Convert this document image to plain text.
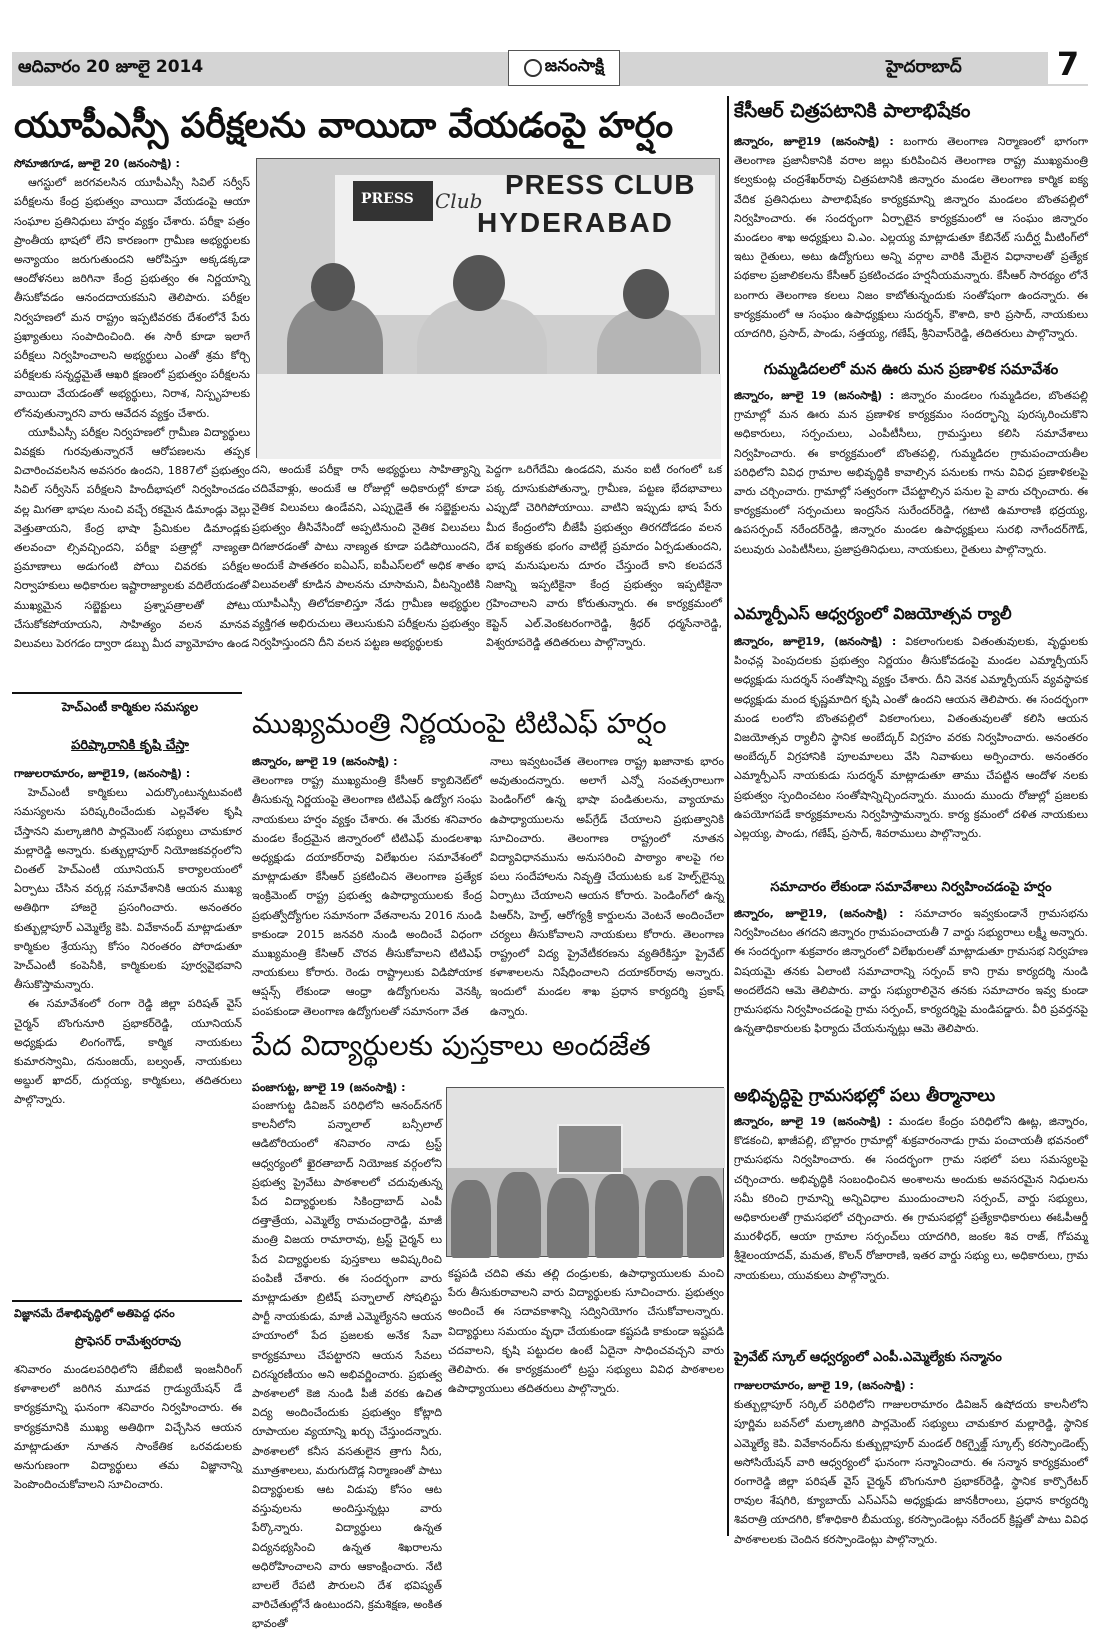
ఆదివారం 20 జూలై 2014	జనంసాక్షి	హైదరాబాద్	7
యూపీఎస్సీ పరీక్షలను వాయిదా వేయడంపై హర్షం
సోమాజిగూడ, జూలై 20 (జనంసాక్షి) :

ఆగస్టులో జరగవలసిన యూపీఎస్సీ సివిల్ సర్వీస్ పరీక్షలను కేంద్ర ప్రభుత్వం వాయిదా వేయడంపై ఆయా సంఘాల ప్రతినిధులు హర్షం వ్యక్తం చేశారు. పరీక్షా పత్రం ప్రాంతీయ భాషలో లేని కారణంగా గ్రామీణ అభ్యర్థులకు అన్యాయం జరుగుతుందని ఆరోపిస్తూ అక్కడక్కడా ఆందోళనలు జరిగినా కేంద్ర ప్రభుత్వం ఈ నిర్ణయాన్ని తీసుకోవడం ఆనందదాయకమని తెలిపారు. పరీక్షల నిర్వహణలో మన రాష్ట్రం ఇప్పటివరకు దేశంలోనే పేరు ప్రఖ్యాతులు సంపాదించింది. ఈ సారీ కూడా ఇలాగే పరీక్షలు నిర్వహించాలని అభ్యర్థులు ఎంతో శ్రమ కోర్చి పరీక్షలకు సన్నద్ధమైతే ఆఖరి క్షణంలో ప్రభుత్వం పరీక్షలను వాయిదా వేయడంతో అభ్యర్థులు, నిరాశ, నిస్పృహలకు లోనవుతున్నారని వారు ఆవేదన వ్యక్తం చేశారు.

యూపీఎస్సీ పరీక్షల నిర్వహణలో గ్రామీణ విద్యార్థులు వివక్షకు గురవుతున్నారనే ఆరోపణలను తప్పక విచారించవలసిన అవసరం ఉందని, 1887లో ప్రభుత్వం సివిల్ సర్వీసెస్ పరీక్షలని హిందీభాషలో నిర్వహించడం వల్ల మిగతా భాషల నుంచి వచ్చే రకమైన డిమాండ్లు వెల్లు వెత్తుతాయని, కేంద్ర భాషా ప్రేమికుల డిమాండ్లకు తలవంచా ల్సివచ్చిందని, పరీక్షా పత్రాల్లో నాణ్యతా ప్రమాణాలు అడుగంటి పోయి చివరకు పరీక్షల నిర్వాహకులు అధికారుల ఇష్టారాజ్యాలకు వదిలేయడంతో ముఖ్యమైన సబ్జెక్టులు ప్రశ్నాపత్రాలతో పోటు చేసుకోకపోయాయని, సాహిత్యం వలన మానవ విలువలు పెరగడం ద్వారా డబ్బు మీద వ్యామోహం ఉండ

PRESS	Club
PRESS CLUB
HYDERABAD
దని, అందుకే పరీక్షా రాసే అభ్యర్థులు సాహిత్యాన్ని చదివేవాళ్లు, అందుకే ఆ రోజుల్లో అధికారుల్లో కూడా నైతిక విలువలు ఉండేవని, ఎప్పుడైతే ఈ సబ్జెక్టులను ప్రభుత్వం తీసివేసిందో అప్పటినుంచి నైతిక విలువలు దిగజారడంతో పాటు నాణ్యత కూడా పడిపోయిందని, అందుకే పాతతరం ఐఏఎస్, ఐపీఎస్‌లలో అధిక శాతం విలువలతో కూడిన పాలనను చూసామని, వీటన్నింటికి యూపీఎస్సీ తిలోదకాలిస్తూ నేడు గ్రామీణ అభ్యర్థుల వ్యక్తిగత అభిరుచులు తెలుసుకుని పరీక్షలను ప్రభుత్వం నిర్వహిస్తుందని దీని వలన పట్టణ అభ్యర్థులకు
పెద్దగా ఒరిగేదేమి ఉండదని, మనం ఐటీ రంగంలో ఒక పక్క దూసుకుపోతున్నా, గ్రామీణ, పట్టణ భేదభావాలు ఎప్పుడో చెరిగిపోయాయి. వాటిని ఇప్పుడు భాష పేరు మీద కేంద్రంలోని బీజేపీ ప్రభుత్వం తిరగదోడడం వలన దేశ ఐక్యతకు భంగం వాటిల్లే ప్రమాదం ఏర్పడుతుందని, భాష మనుషులను దూరం చేస్తుందే కాని కలపదనే నిజాన్ని ఇప్పటికైనా కేంద్ర ప్రభుత్వం ఇప్పటికైనా గ్రహించాలని వారు కోరుతున్నారు. ఈ కార్యక్రమంలో కెప్టెన్ ఎల్.వెంకటరంగారెడ్డి, శ్రీధర్ ధర్మసేనారెడ్డి, విశ్వరూపరెడ్డి తదితరులు పాల్గొన్నారు.
హెచ్ఎంటీ కార్మికుల సమస్యల
పరిష్కారానికి కృషి చేస్తా
గాజులరామారం, జూలై19, (జనంసాక్షి) :

హెచ్ఎంటీ కార్మికులు ఎదుర్కొంటున్నటువంటి సమస్యలను పరిష్కరించేందుకు ఎల్లవేళల కృషి చేస్తానని మల్కాజిగిరి పార్లమెంట్ సభ్యులు చామకూర మల్లారెడ్డి అన్నారు. కుత్బుల్లాపూర్ నియోజకవర్గంలోని చింతల్ హెచ్ఎంటీ యూనియన్ కార్యాలయంలో ఏర్పాటు చేసిన వర్కర్ల సమావేశానికి ఆయన ముఖ్య అతిథిగా హాజరై ప్రసంగించారు. అనంతరం కుత్బుల్లాపూర్ ఎమ్మెల్యే కెపి. వివేకానంద్ మాట్లాడుతూ కార్మికుల శ్రేయస్సు కోసం నిరంతరం పోరాడుతూ హెచ్ఎంటీ కంపెనీకి, కార్మికులకు పూర్వవైభవాని తీసుకొస్తామన్నారు.

ఈ సమావేశంలో రంగా రెడ్డి జిల్లా పరిషత్ వైస్ చైర్మన్ బొంగునూరి ప్రభాకర్‌రెడ్డి, యూనియన్ అధ్యక్షుడు లింగంగౌడ్, కార్మిక నాయకులు కుమారస్వామి, దనుంజయ్, బల్వంత్, నాయకులు అబ్దుల్ ఖాదర్, దుర్గయ్య, కార్మికులు, తదితరులు పాల్గొన్నారు.

విజ్ఞానమే దేశాభివృద్ధిలో అతిపెద్ద ధనం
ప్రొఫెసర్ రామేశ్వరరావు
శనివారం మండలపరిధిలోని జేబీఐటీ ఇంజనీరింగ్ కళాశాలలో జరిగిన మూడవ గ్రాడ్యుయేషన్ డే కార్యక్రమాన్ని ఘనంగా శనివారం నిర్వహించారు. ఈ కార్యక్రమానికి ముఖ్య అతిథిగా విచ్చేసిన ఆయన మాట్లాడుతూ నూతన సాంకేతిక ఒరవడులకు అనుగుణంగా విద్యార్థులు తమ విజ్ఞానాన్ని పెంపొందించుకోవాలని సూచించారు.
ముఖ్యమంత్రి నిర్ణయంపై టిటిఎఫ్ హర్షం
జిన్నారం, జూలై 19 (జనంసాక్షి) :
తెలంగాణ రాష్ట్ర ముఖ్యమంత్రి కేసీఆర్ క్యాబినెట్‌లో తీసుకున్న నిర్ణయంపై తెలంగాణ టిటిఎఫ్ ఉద్యోగ సంఘ నాయకులు హర్షం వ్యక్తం చేశారు. ఈ మేరకు శనివారం మండల కేంద్రమైన జిన్నారంలో టిటిఎఫ్ మండలశాఖ అధ్యక్షుడు దయాకర్‌రావు విలేఖరుల సమావేశంలో మాట్లాడుతూ కేసీఆర్ ప్రకటించిన తెలంగాణ ప్రత్యేక ఇంక్రిమెంట్ రాష్ట్ర ప్రభుత్వ ఉపాధ్యాయులకు కేంద్ర ప్రభుత్వోద్యోగుల సమానంగా వేతనాలను 2016 నుండి కాకుండా 2015 జనవరి నుండి అందించే విధంగా ముఖ్యమంత్రి కేసిఆర్ చొరవ తీసుకోవాలని టిటిఎఫ్ నాయకులు కోరారు. రెండు రాష్ట్రాలుకు విడిపోయాక ఆప్షన్స్ లేకుండా ఆంధ్రా ఉద్యోగులను వెనక్కి పంపకుండా తెలంగాణ ఉద్యోగులతో సమానంగా వేత
నాలు ఇవ్వటంచేత తెలంగాణ రాష్ట్ర ఖజానాకు భారం అవుతుందన్నారు. అలాగే ఎన్నో సంవత్సరాలుగా పెండింగ్‌లో ఉన్న భాషా పండితులను, వ్యాయామ ఉపాధ్యాయులను అప్‌గ్రేడ్ చేయాలని ప్రభుత్వానికి సూచించారు. తెలంగాణ రాష్ట్రంలో నూతన విద్యావిధానమును అనుసరించి పాఠ్యాం శాలపై గల పలు సందేహాలను నివృత్తి చేయుటకు ఒక హెల్ప్‌లైన్ను ఏర్పాటు చేయాలని ఆయన కోరారు. పెండింగ్‌లో ఉన్న పిఆర్‌సి, హెల్త్, ఆరోగ్యశ్రీ కార్డులను వెంటనే అందించేలా చర్యలు తీసుకోవాలని నాయకులు కోరారు. తెలంగాణ రాష్ట్రంలో విద్య ప్రైవేటీకరణను వ్యతిరేకిస్తూ ప్రైవేట్ కళాశాలలను నిషేధించాలని దయాకర్‌రావు అన్నారు. ఇందులో మండల శాఖ ప్రధాన కార్యదర్శి ప్రకాష్ ఉన్నారు.
పేద విద్యార్థులకు పుస్తకాలు అందజేత
పంజాగుట్ట, జూలై 19 (జనంసాక్షి) :
పంజాగుట్ట డివిజన్ పరిధిలోని ఆనంద్‌నగర్ కాలనీలోని పన్నాలాల్ బన్సీలాల్ ఆడిటోరియంలో శనివారం నాడు ట్రస్ట్ ఆధ్వర్యంలో ఖైరతాబాద్ నియోజక వర్గంలోని ప్రభుత్వ ప్రైవేటు పాఠశాలలో చదువుతున్న పేద విద్యార్థులకు సికింద్రాబాద్ ఎంపీ దత్తాత్రేయ, ఎమ్మెల్యే రామచంద్రారెడ్డి, మాజీ మంత్రి విజయ రామారావు, ట్రస్ట్ చైర్మన్ లు పేద విద్యార్థులకు పుస్తకాలు అవిష్కరించి పంపిణీ చేశారు. ఈ సందర్భంగా వారు మాట్లాడుతూ బ్రిటిష్ పన్నాలాల్ సోషలిస్టు పార్టీ నాయకుడు, మాజీ ఎమ్మెల్యేనని ఆయన హయాంలో పేద ప్రజలకు అనేక సేవా కార్యక్రమాలు చేపట్టారని ఆయన సేవలు చిరస్మరణీయం అని అభివర్ణించారు. ప్రభుత్వ పాఠశాలలో కెజి నుండి పీజీ వరకు ఉచిత విద్య అందించేందుకు ప్రభుత్వం కోట్లాది రూపాయల వ్యయాన్ని ఖర్చు చేస్తుందన్నారు. పాఠశాలలో కనీస వసతులైన త్రాగు నీరు, మూత్రశాలలు, మరుగుదొడ్ల నిర్మాణంతో పాటు విద్యార్థులకు ఆట విడుపు కోసం ఆట వస్తువులను అందిస్తున్నట్లు వారు పేర్కొన్నారు. విద్యార్థులు ఉన్నత విద్యనభ్యసించి ఉన్నత శిఖరాలను అధిరోహించాలని వారు ఆకాంక్షించారు. నేటి బాలలే రేపటి పౌరులని దేశ భవిష్యత్ వారిచేతుల్లోనే ఉంటుందని, క్రమశిక్షణ, అంకిత భావంతో
కష్టపడి చదివి తమ తల్లి దండ్రులకు, ఉపాధ్యాయులకు మంచి పేరు తీసుకురావాలని వారు విద్యార్థులకు సూచించారు. ప్రభుత్వం అందించే ఈ సదావకాశాన్ని సద్వినియోగం చేసుకోవాలన్నారు. విద్యార్థులు సమయం వృధా చేయకుండా కష్టపడి కాకుండా ఇష్టపడి చదవాలని, కృషి పట్టుదల ఉంటే ఏదైనా సాధించవచ్చని వారు తెలిపారు. ఈ కార్యక్రమంలో ట్రస్టు సభ్యులు వివిధ పాఠశాలల ఉపాధ్యాయులు తదితరులు పాల్గొన్నారు.
కేసీఆర్ చిత్రపటానికి పాలాభిషేకం
జిన్నారం, జూలై19 (జనంసాక్షి) : బంగారు తెలంగాణ నిర్మాణంలో భాగంగా తెలంగాణ ప్రజానీకానికి వరాల జల్లు కురిపించిన తెలంగాణ రాష్ట్ర ముఖ్యమంత్రి కల్వకుంట్ల చంద్రశేఖర్‌రావు చిత్రపటానికి జిన్నారం మండల తెలంగాణ కార్మిక ఐక్య వేదిక ప్రతినిధులు పాలాభిషేకం కార్యక్రమాన్ని జిన్నారం మండలం బొంతపల్లిలో నిర్వహించారు. ఈ సందర్భంగా ఏర్పాటైన కార్యక్రమంలో ఆ సంఘం జిన్నారం మండలం శాఖ అధ్యక్షులు వి.ఎం. ఎల్లయ్య మాట్లాడుతూ కేబినేట్ సుదీర్ఘ మీటింగ్‌లో ఇటు రైతులు, అటు ఉద్యోగులు అన్ని వర్గాల వారికి మేలైన విధానాలతో ప్రత్యేక పథకాల ప్రజాలికలను కేసీఆర్ ప్రకటించడం హర్షనీయమన్నారు. కేసీఆర్ సారథ్యం లోనే బంగారు తెలంగాణ కలలు నిజం కాబోతున్నందుకు సంతోషంగా ఉందన్నారు. ఈ కార్యక్రమంలో ఆ సంఘం ఉపాధ్యక్షులు సుదర్శన్, కౌశాది, కారి ప్రసాద్, నాయకులు యాదగిరి, ప్రసాద్, పాండు, సత్తయ్య, గణేష్, శ్రీనివాస్‌రెడ్డి, తదితరులు పాల్గొన్నారు.
గుమ్మడిదలలో మన ఊరు మన ప్రణాళిక సమావేశం
జిన్నారం, జూలై 19 (జనంసాక్షి) : జిన్నారం మండలం గుమ్మడిదల, బొంతపల్లి గ్రామాల్లో మన ఊరు మన ప్రణాళిక కార్యక్రమం సందర్భాన్ని పురస్కరించుకొని అధికారులు, సర్పంచులు, ఎంపీటీసీలు, గ్రామస్తులు కలిసి సమావేశాలు నిర్వహించారు. ఈ కార్యక్రమంలో బొంతపల్లి, గుమ్మడిదల గ్రామపంచాయతీల పరిధిలోని వివిధ గ్రామాల అభివృద్ధికి కావాల్సిన పనులకు గాను వివిధ ప్రణాళికలపై వారు చర్చించారు. గ్రామాల్లో సత్వరంగా చేపట్టాల్సిన పనుల పై వారు చర్చించారు. ఈ కార్యక్రమంలో సర్పంచులు ఇంద్రసేన సురేందర్‌రెడ్డి, గటాటి ఉమారాణి భద్రయ్య, ఉపసర్పంచ్ నరేందర్‌రెడ్డి, జిన్నారం మండల ఉపాధ్యక్షులు సురభి నాగేందర్‌గౌడ్, పలువురు ఎంపిటీసీలు, ప్రజాప్రతినిధులు, నాయకులు, రైతులు పాల్గొన్నారు.
ఎమ్మార్పీఎస్ ఆధ్వర్యంలో విజయోత్సవ ర్యాలీ
జిన్నారం, జూలై19, (జనంసాక్షి) : వికలాంగులకు వితంతువులకు, వృద్ధులకు పింఛన్ల పెంపుదలకు ప్రభుత్వం నిర్ణయం తీసుకోవడంపై మండల ఎమ్మార్పీయస్ అధ్యక్షుడు సుదర్శన్ సంతోషాన్ని వ్యక్తం చేశారు. దీని వెనక ఎమ్మార్పీయస్ వ్యవస్థాపక అధ్యక్షుడు మంద కృష్ణమాదిగ కృషి ఎంతో ఉందని ఆయన తెలిపారు. ఈ సందర్భంగా మండ లంలోని బొంతపల్లిలో వికలాంగులు, వితంతువులతో కలిసి ఆయన విజయోత్సవ ర్యాలీని స్థానిక అంబేద్కర్ విగ్రహం వరకు నిర్వహించారు. అనంతరం అంబేద్కర్ విగ్రహానికి పూలమాలలు వేసి నివాళులు అర్పించారు. అనంతరం ఎమ్మార్పీఎస్ నాయకుడు సుదర్శన్ మాట్లాడుతూ తాము చేపట్టిన ఆందోళ నలకు ప్రభుత్వం స్పందించటం సంతోషాన్నిచ్చిందన్నారు. ముందు ముందు రోజుల్లో ప్రజలకు ఉపయోగపడే కార్యక్రమాలను నిర్వహిస్తామన్నారు. కార్య క్రమంలో దళిత నాయకులు ఎల్లయ్య, పాండు, గణేష్, ప్రసాద్, శివరాములు పాల్గొన్నారు.
సమాచారం లేకుండా సమావేశాలు నిర్వహించడంపై హర్షం
జిన్నారం, జూలై19, (జనంసాక్షి) : సమాచారం ఇవ్వకుండానే గ్రామసభను నిర్వహించటం తగదని జిన్నారం గ్రామపంచాయతీ 7 వార్డు సభ్యురాలు లక్ష్మీ అన్నారు. ఈ సందర్భంగా శుక్రవారం జిన్నారంలో విలేఖరులతో మాట్లాడుతూ గ్రామసభ నిర్వహణ విషయమై తనకు ఏలాంటి సమాచారాన్ని సర్పంచ్ కాని గ్రామ కార్యదర్శి నుండి అందలేదని ఆమె తెలిపారు. వార్డు సభ్యురాలినైన తనకు సమాచారం ఇవ్వ కుండా గ్రామసభను నిర్వహించడంపై గ్రామ సర్పంచ్, కార్యదర్శిపై మండిపడ్డారు. వీరి ప్రవర్తనపై ఉన్నతాధికారులకు ఫిర్యాదు చేయనున్నట్లు ఆమె తెలిపారు.
అభివృద్ధిపై గ్రామసభల్లో పలు తీర్మానాలు
జిన్నారం, జూలై 19 (జనంసాక్షి) : మండల కేంద్రం పరిధిలోని ఊట్ల, జిన్నారం, కొడకంచి, ఖాజీపల్లి, బొల్లారం గ్రామాల్లో శుక్రవారంనాడు గ్రామ పంచాయతీ భవనంలో గ్రామసభను నిర్వహించారు. ఈ సందర్భంగా గ్రామ సభలో పలు సమస్యలపై చర్చించారు. అభివృద్ధికి సంబంధించిన అంశాలను అందుకు అవసరమైన నిధులను సమీ కరించి గ్రామాన్ని అన్నివిధాల ముందుంచాలని సర్పంచ్, వార్డు సభ్యులు, అధికారులతో గ్రామసభలో చర్చించారు. ఈ గ్రామసభల్లో ప్రత్యేకాధికారులు ఈఓపీఆర్డీ మురళీధర్, ఆయా గ్రామాల సర్పంచ్‌లు యాదగిరి, జంకల శివ రాజ్, గోపమ్మ శ్రీశైలంయాదవ్, మమత, కొలన్ రోజారాణి, ఇతర వార్డు సభ్యు లు, అధికారులు, గ్రామ నాయకులు, యువకులు పాల్గొన్నారు.
ప్రైవేట్ స్కూల్ ఆధ్వర్యంలో ఎంపీ.ఎమ్మెల్యేకు సన్మానం
గాజులరామారం, జూలై 19, (జనంసాక్షి) :
కుత్బుల్లాపూర్ సర్కిల్ పరిధిలోని గాజులరామారం డివిజన్ ఉషోదయ కాలనీలోని పూర్ణిమ బవన్‌లో మల్కాజిగిరి పార్లమెంట్ సభ్యులు చామకూర మల్లారెడ్డి, స్థానిక ఎమ్మెల్యే కెపి. వివేకానంద్‌ను కుత్బుల్లాపూర్ మండల్ రికగ్నైజ్డ్ స్కూల్స్ కరస్పాండెంట్స్ అసోసియేషన్ వారి ఆధ్వర్యంలో ఘనంగా సన్మానించారు. ఈ సన్మాన కార్యక్రమంలో రంగారెడ్డి జిల్లా పరిషత్ వైస్ చైర్మన్ బొంగునూరి ప్రభాకర్‌రెడ్డి, స్థానిక కార్పొరేటర్ రావుల శేషగిరి, క్యూబాయ్ ఎస్‌ఎస్ఏ అధ్యక్షుడు జానకీరాంలు, ప్రధాన కార్యదర్శి శివరాత్రి యాదగిరి, కోశాధికారి బీమయ్య, కరస్పాండెంట్లు నరేందర్ క్రిష్ణతో పాటు వివిధ పాఠశాలలకు చెందిన కరస్పాండెంట్లు పాల్గొన్నారు.
